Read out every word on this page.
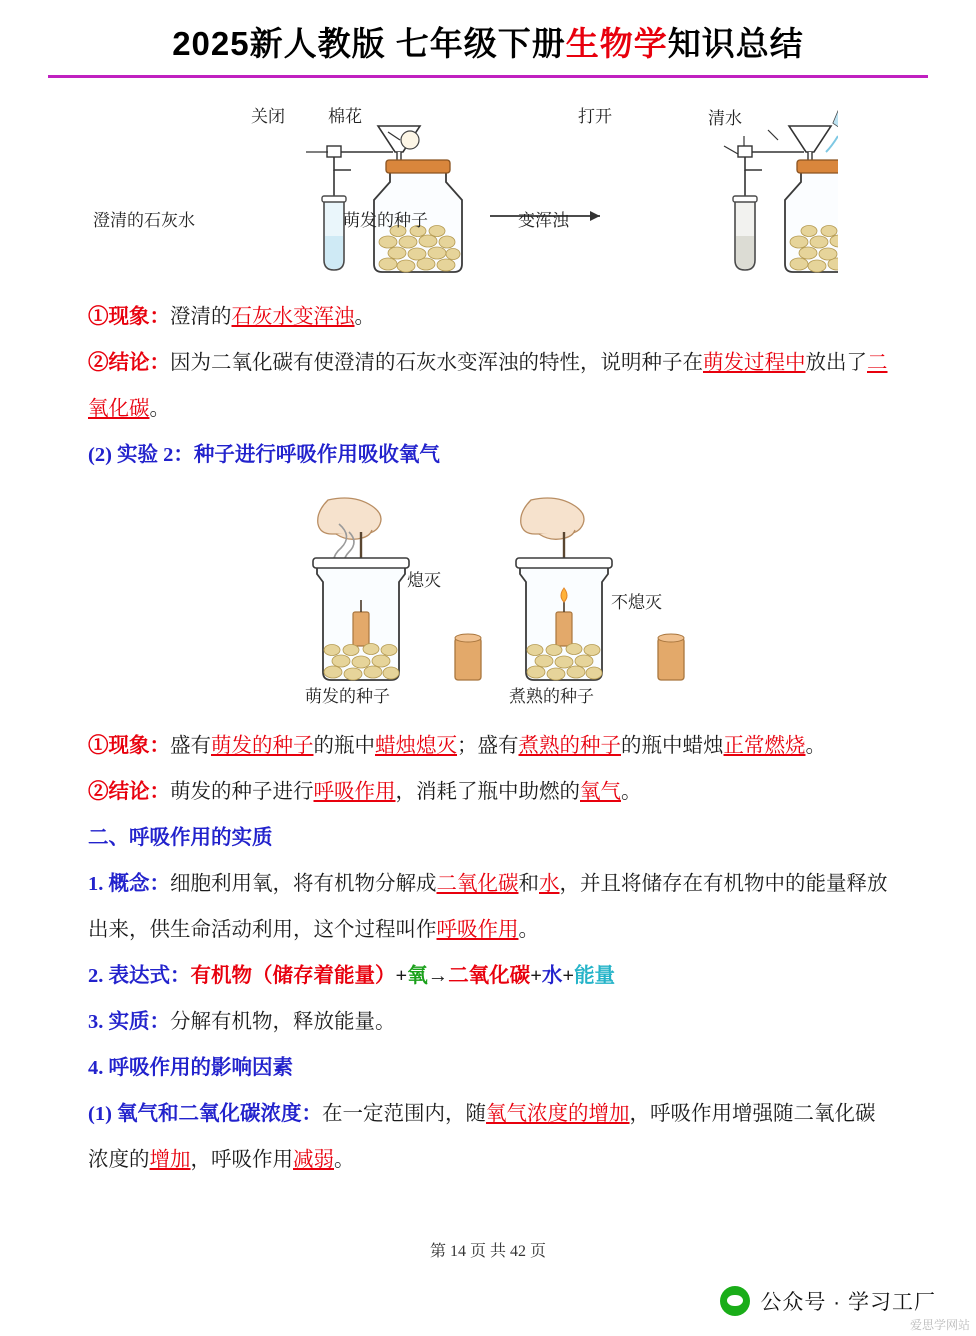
2025新人教版 七年级下册生物学知识总结
关闭	棉花	打开	清水
澄清的石灰水	萌发的种子	变浑浊

①现象：澄清的石灰水变浑浊。

②结论：因为二氧化碳有使澄清的石灰水变浑浊的特性，说明种子在萌发过程中放出了二氧化碳。

(2) 实验 2：种子进行呼吸作用吸收氧气

熄灭
不熄灭
萌发的种子	煮熟的种子

①现象：盛有萌发的种子的瓶中蜡烛熄灭；盛有煮熟的种子的瓶中蜡烛正常燃烧。

②结论：萌发的种子进行呼吸作用，消耗了瓶中助燃的氧气。

二、呼吸作用的实质

1. 概念：细胞利用氧，将有机物分解成二氧化碳和水，并且将储存在有机物中的能量释放出来，供生命活动利用，这个过程叫作呼吸作用。

2. 表达式：有机物（储存着能量）+氧→二氧化碳+水+能量

3. 实质：分解有机物，释放能量。

4. 呼吸作用的影响因素

(1) 氧气和二氧化碳浓度：在一定范围内，随氧气浓度的增加，呼吸作用增强随二氧化碳浓度的增加，呼吸作用减弱。

第 14 页 共 42 页
公众号 · 学习工厂
爱思学网站
